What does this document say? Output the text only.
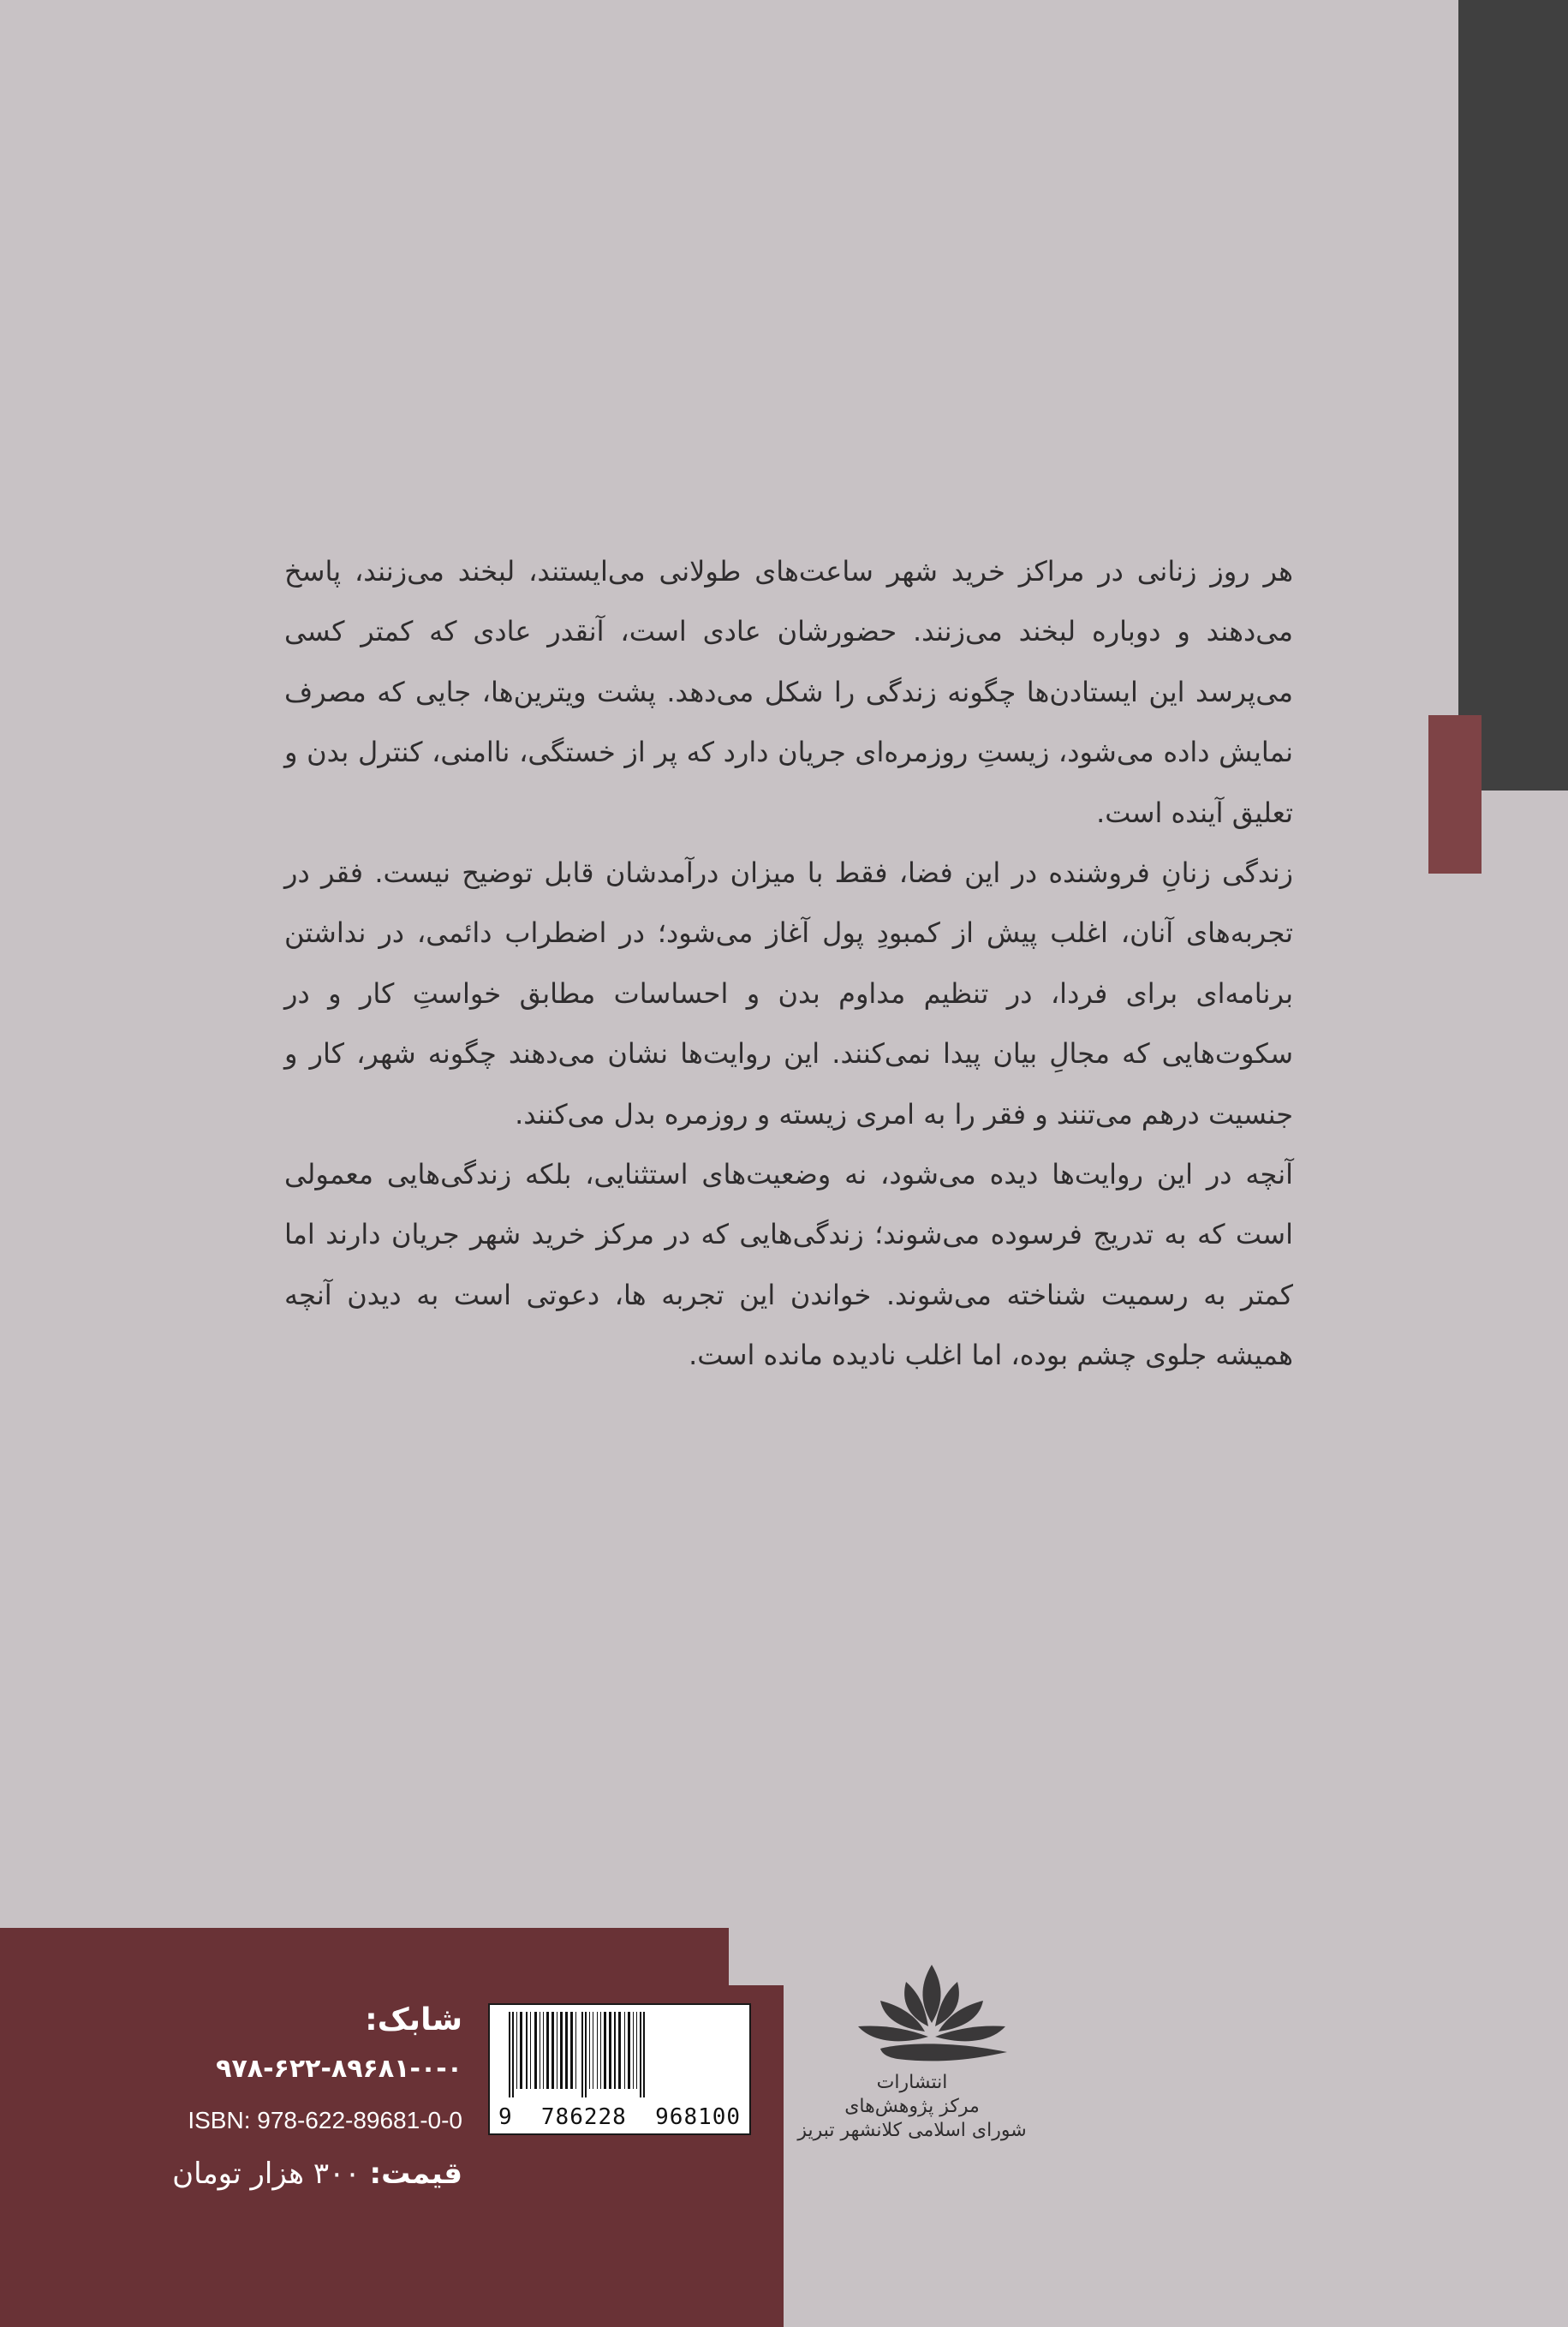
هر روز زنانی در مراکز خرید شهر ساعت‌های طولانی می‌ایستند، لبخند می‌زنند، پاسخ می‌دهند و دوباره لبخند می‌زنند. حضورشان عادی است، آنقدر عادی که کمتر کسی می‌پرسد این ایستادن‌ها چگونه زندگی را شکل می‌دهد. پشت ویترین‌ها، جایی که مصرف نمایش داده می‌شود، زیستِ روزمره‌ای جریان دارد که پر از خستگی، ناامنی، کنترل بدن و تعلیق آینده است.

زندگی زنانِ فروشنده در این فضا، فقط با میزان درآمدشان قابل توضیح نیست. فقر در تجربه‌های آنان، اغلب پیش از کمبودِ پول آغاز می‌شود؛ در اضطراب دائمی، در نداشتن برنامه‌ای برای فردا، در تنظیم مداوم بدن و احساسات مطابق خواستِ کار و در سکوت‌هایی که مجالِ بیان پیدا نمی‌کنند. این روایت‌ها نشان می‌دهند چگونه شهر، کار و جنسیت درهم می‌تنند و فقر را به امری زیسته و روزمره بدل می‌کنند.

آنچه در این روایت‌ها دیده می‌شود، نه وضعیت‌های استثنایی، بلکه زندگی‌هایی معمولی است که به تدریج فرسوده می‌شوند؛ زندگی‌هایی که در مرکز خرید شهر جریان دارند اما کمتر به رسمیت شناخته می‌شوند. خواندن این تجربه ها، دعوتی است به دیدن آنچه همیشه جلوی چشم بوده، اما اغلب نادیده مانده است.

9 786228 968100
شابک:
۹۷۸-۶۲۲-۸۹۶۸۱-۰-۰
ISBN: 978-622-89681-0-0
قیمت: ۳۰۰ هزار تومان
انتشارات
مرکز پژوهش‌های
شورای اسلامی کلانشهر تبریز
